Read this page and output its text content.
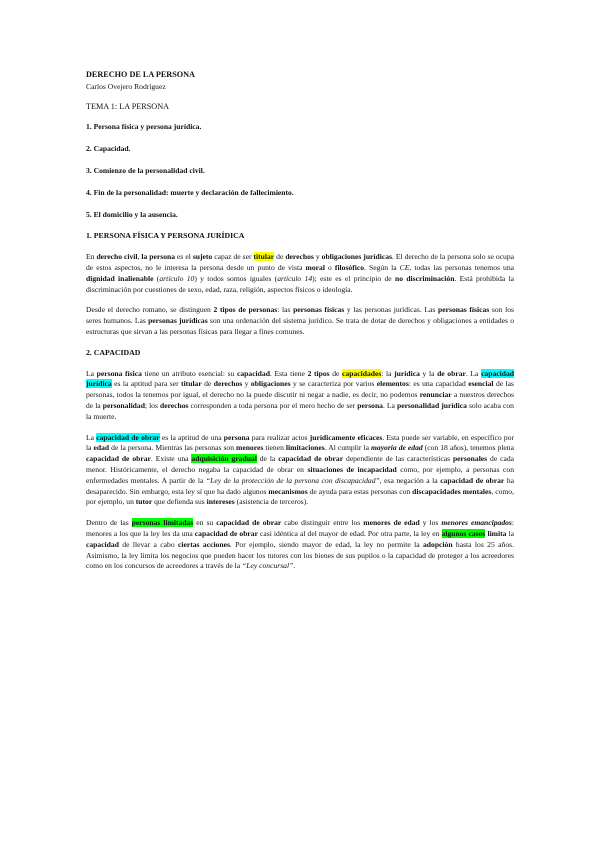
DERECHO DE LA PERSONA

Carlos Ovejero Rodríguez

TEMA 1: LA PERSONA

1. Persona física y persona jurídica.

2. Capacidad.

3. Comienzo de la personalidad civil.

4. Fin de la personalidad: muerte y declaración de fallecimiento.

5. El domicilio y la ausencia.

1. PERSONA FÍSICA Y PERSONA JURÍDICA

En derecho civil, la persona es el sujeto capaz de ser titular de derechos y obligaciones jurídicas. El derecho de la persona solo se ocupa de estos aspectos, no le interesa la persona desde un punto de vista moral o filosófico. Según la CE, todas las personas tenemos una dignidad inalienable (artículo 10) y todos somos iguales (artículo 14); este es el principio de no discriminación. Está prohibida la discriminación por cuestiones de sexo, edad, raza, religión, aspectos físicos o ideología.

Desde el derecho romano, se distinguen 2 tipos de personas: las personas físicas y las personas jurídicas. Las personas físicas son los seres humanos. Las personas jurídicas son una ordenación del sistema jurídico. Se trata de dotar de derechos y obligaciones a entidades o estructuras que sirvan a las personas físicas para llegar a fines comunes.

2. CAPACIDAD

La persona física tiene un atributo esencial: su capacidad. Esta tiene 2 tipos de capacidades: la jurídica y la de obrar. La capacidad jurídica es la aptitud para ser titular de derechos y obligaciones y se caracteriza por varios elementos: es una capacidad esencial de las personas, todos la tenemos por igual, el derecho no la puede discutir ni negar a nadie, es decir, no podemos renunciar a nuestros derechos de la personalidad; los derechos corresponden a toda persona por el mero hecho de ser persona. La personalidad jurídica solo acaba con la muerte.

La capacidad de obrar es la aptitud de una persona para realizar actos jurídicamente eficaces. Esta puede ser variable, en específico por la edad de la persona. Mientras las personas son menores tienen limitaciones. Al cumplir la mayoría de edad (con 18 años), tenemos plena capacidad de obrar. Existe una adquisición gradual de la capacidad de obrar dependiente de las características personales de cada menor. Históricamente, el derecho negaba la capacidad de obrar en situaciones de incapacidad como, por ejemplo, a personas con enfermedades mentales. A partir de la “Ley de la protección de la persona con discapacidad”, esa negación a la capacidad de obrar ha desaparecido. Sin embargo, esta ley sí que ha dado algunos mecanismos de ayuda para estas personas con discapacidades mentales, como, por ejemplo, un tutor que defienda sus intereses (asistencia de terceros).

Dentro de las personas limitadas en su capacidad de obrar cabe distinguir entre los menores de edad y los menores emancipados: menores a los que la ley les da una capacidad de obrar casi idéntica al del mayor de edad. Por otra parte, la ley en algunos casos limita la capacidad de llevar a cabo ciertas acciones. Por ejemplo, siendo mayor de edad, la ley no permite la adopción hasta los 25 años. Asimismo, la ley limita los negocios que pueden hacer los tutores con los bienes de sus pupilos o la capacidad de proteger a los acreedores como en los concursos de acreedores a través de la “Ley concursal”.
